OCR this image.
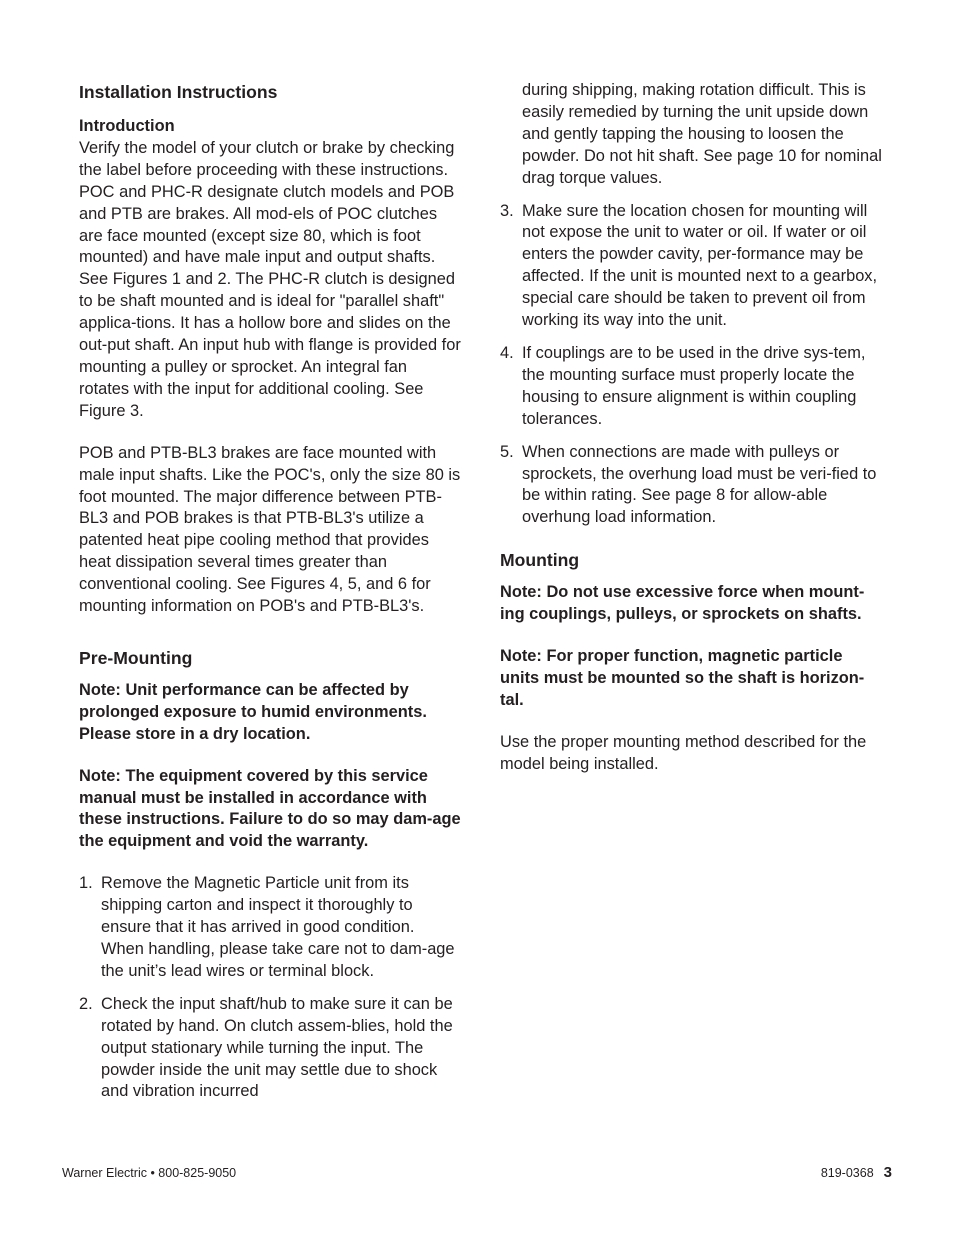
Installation Instructions
Introduction

Verify the model of your clutch or brake by checking the label before proceeding with these instructions. POC and PHC-R designate clutch models and POB and PTB are brakes. All mod-els of POC clutches are face mounted (except size 80, which is foot mounted) and have male input and output shafts. See Figures 1 and 2. The PHC-R clutch is designed to be shaft mounted and is ideal for "parallel shaft" applica-tions. It has a hollow bore and slides on the out-put shaft. An input hub with flange is provided for mounting a pulley or sprocket. An integral fan rotates with the input for additional cooling. See Figure 3.

POB and PTB-BL3 brakes are face mounted with male input shafts. Like the POC's, only the size 80 is foot mounted. The major difference between PTB-BL3 and POB brakes is that PTB-BL3's utilize a patented heat pipe cooling method that provides heat dissipation several times greater than conventional cooling. See Figures 4, 5, and 6 for mounting information on POB's and PTB-BL3's.

Pre-Mounting

Note: Unit performance can be affected by prolonged exposure to humid environments. Please store in a dry location.

Note: The equipment covered by this service manual must be installed in accordance with these instructions. Failure to do so may dam-age the equipment and void the warranty.

1. Remove the Magnetic Particle unit from its shipping carton and inspect it thoroughly to ensure that it has arrived in good condition. When handling, please take care not to dam-age the unit’s lead wires or terminal block.
2. Check the input shaft/hub to make sure it can be rotated by hand. On clutch assem-blies, hold the output stationary while turning the input. The powder inside the unit may settle due to shock and vibration incurred
during shipping, making rotation difficult. This is easily remedied by turning the unit upside down and gently tapping the housing to loosen the powder. Do not hit shaft. See page 10 for nominal drag torque values.
3. Make sure the location chosen for mounting will not expose the unit to water or oil. If water or oil enters the powder cavity, per-formance may be affected. If the unit is mounted next to a gearbox, special care should be taken to prevent oil from working its way into the unit.
4. If couplings are to be used in the drive sys-tem, the mounting surface must properly locate the housing to ensure alignment is within coupling tolerances.
5. When connections are made with pulleys or sprockets, the overhung load must be veri-fied to be within rating. See page 8 for allow-able overhung load information.
Mounting

Note: Do not use excessive force when mount-ing couplings, pulleys, or sprockets on shafts.

Note: For proper function, magnetic particle units must be mounted so the shaft is horizon-tal.

Use the proper mounting method described for the model being installed.

Warner Electric • 800-825-9050	819-0368 3
